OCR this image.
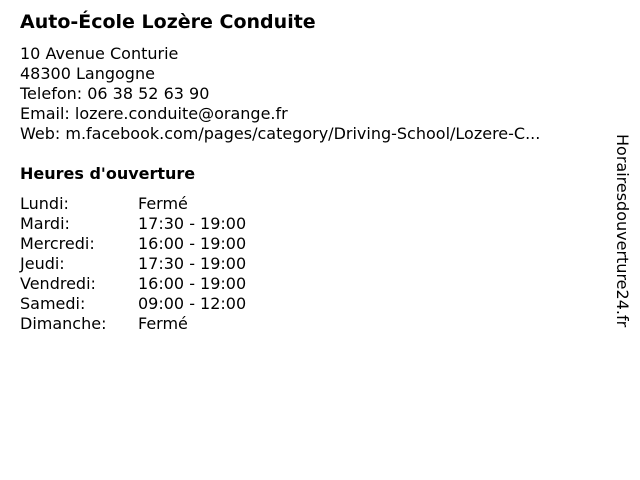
Auto-École Lozère Conduite
10 Avenue Conturie
48300 Langogne
Telefon: 06 38 52 63 90
Email: lozere.conduite@orange.fr
Web: m.facebook.com/pages/category/Driving-School/Lozere-C...
Heures d'ouverture
Lundi:	Fermé
Mardi:	17:30 - 19:00
Mercredi:	16:00 - 19:00
Jeudi:	17:30 - 19:00
Vendredi:	16:00 - 19:00
Samedi:	09:00 - 12:00
Dimanche: Fermé	Horairesdouverture24.fr
